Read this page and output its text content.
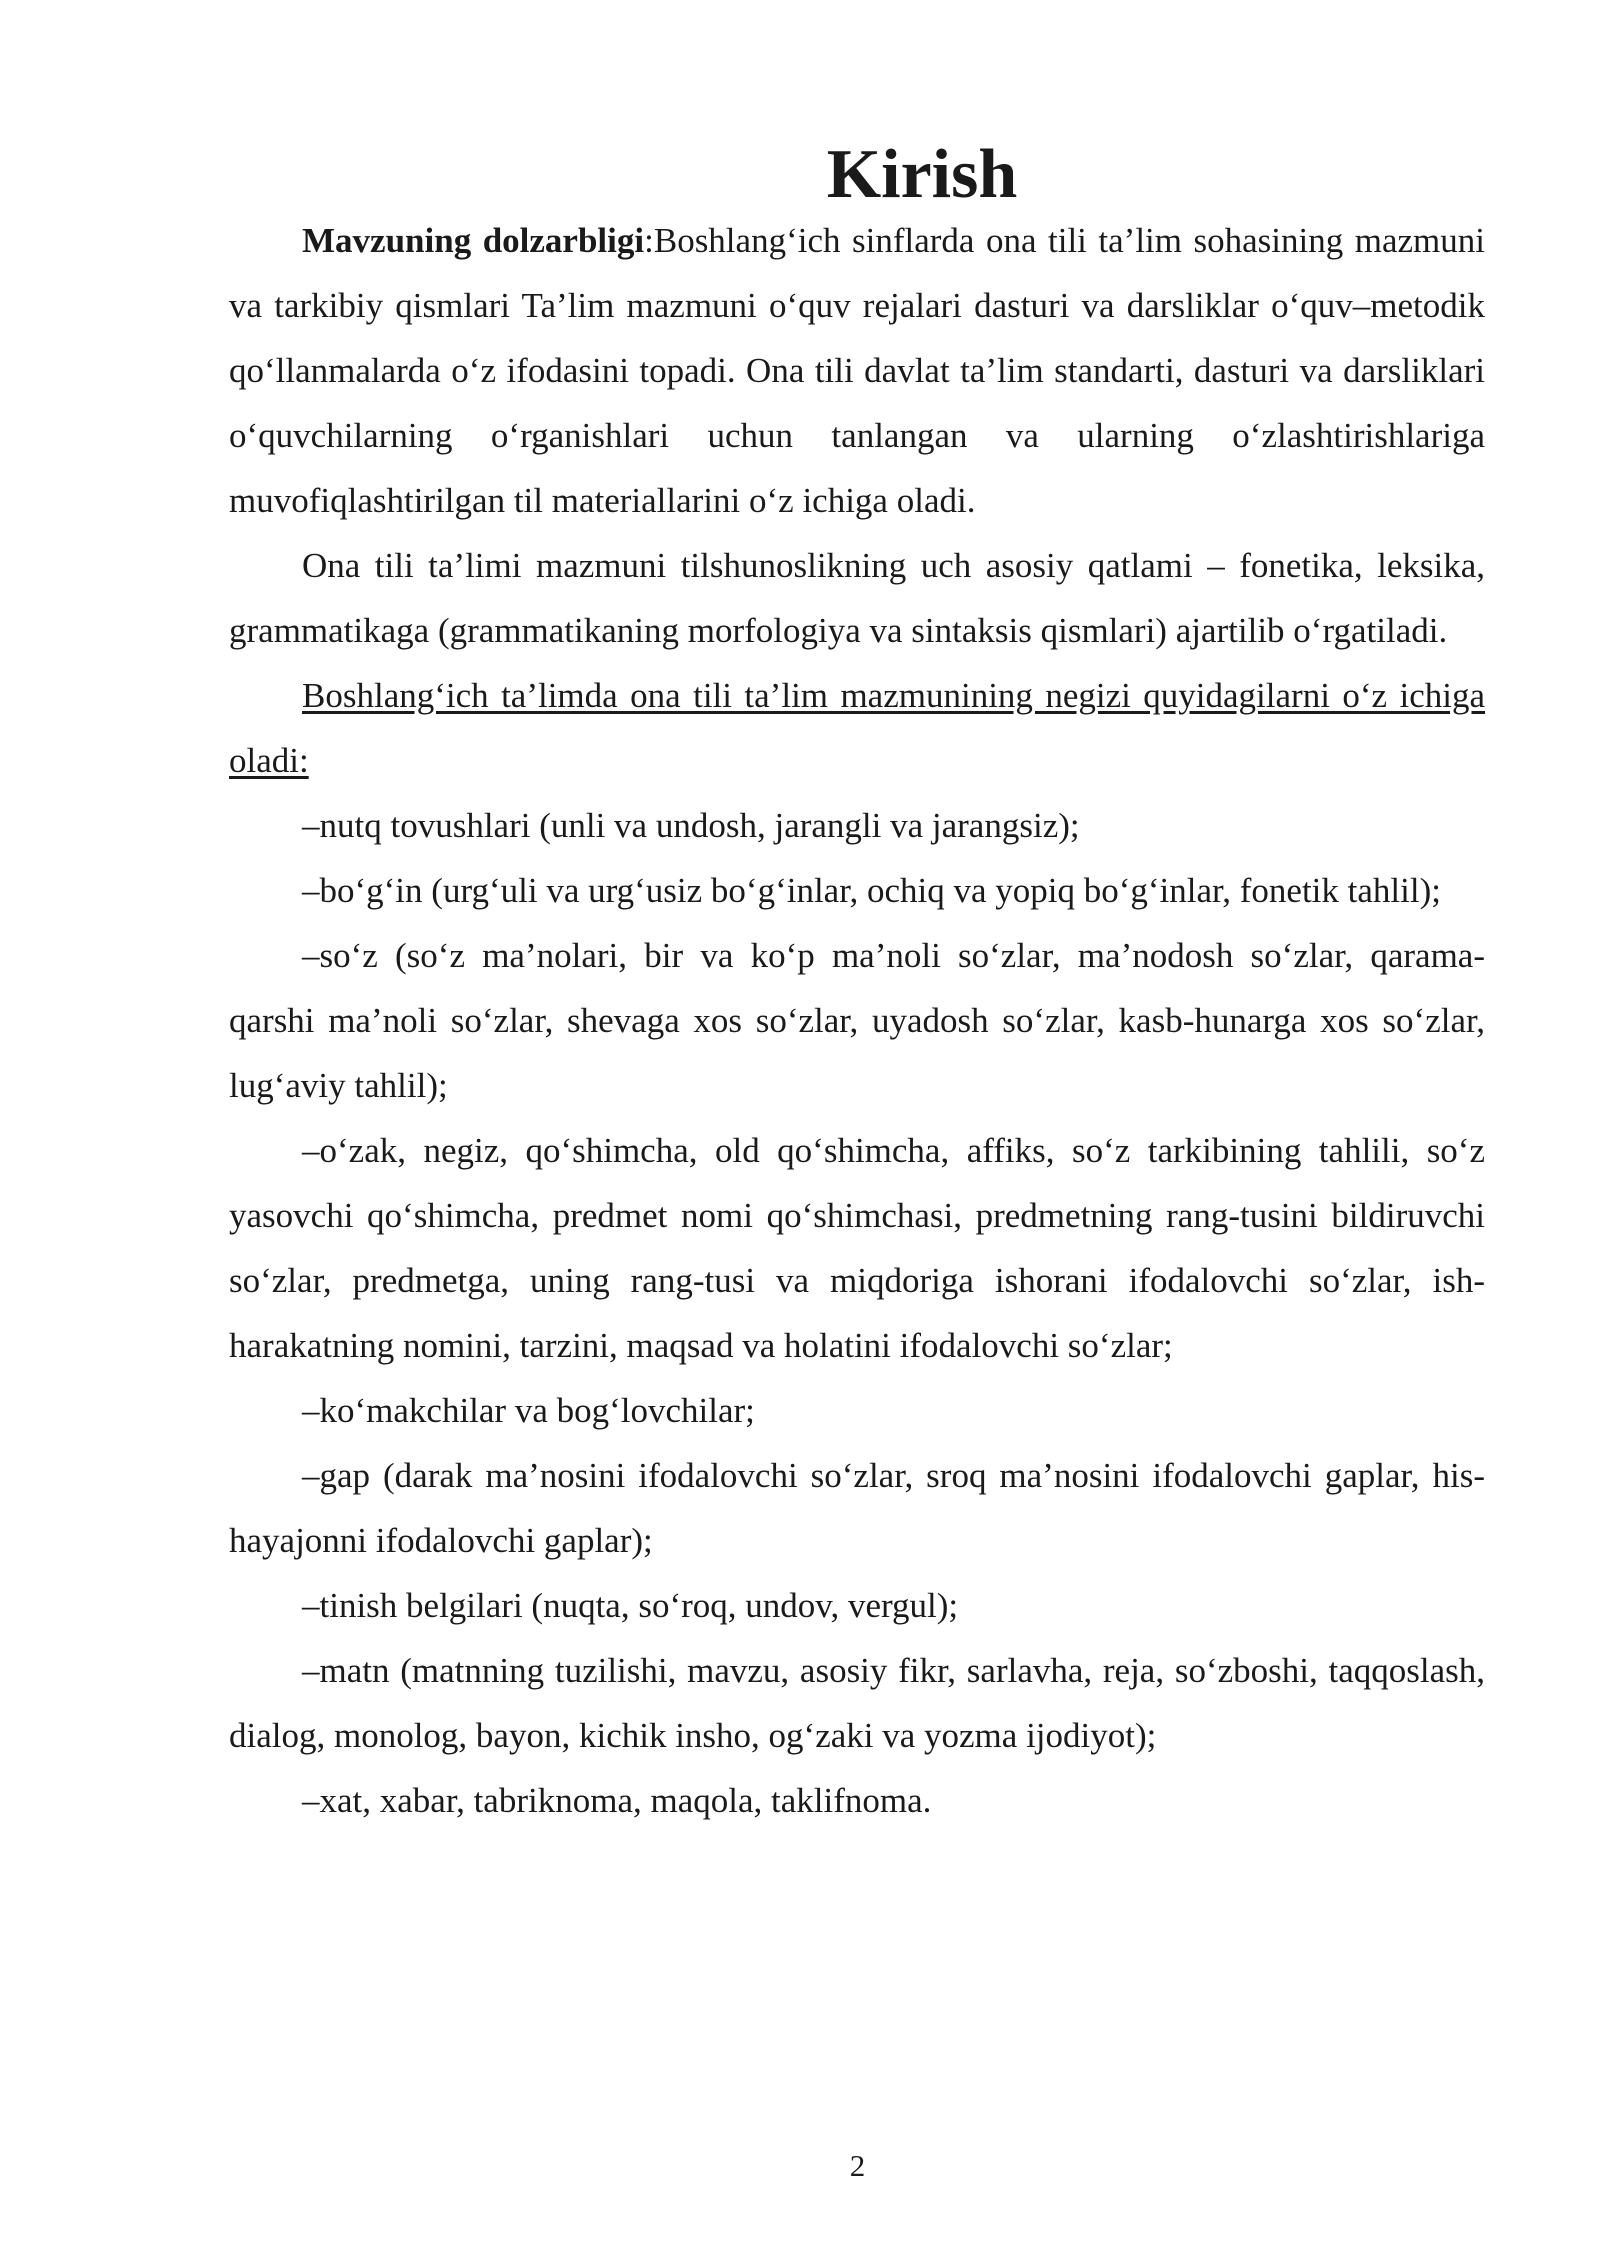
Kirish

Mavzuning dolzarbligi:Boshlang‘ich sinflarda ona tili ta’lim sohasining mazmuni va tarkibiy qismlari Ta’lim mazmuni o‘quv rejalari dasturi va darsliklar o‘quv–metodik qo‘llanmalarda o‘z ifodasini topadi. Ona tili davlat ta’lim standarti, dasturi va darsliklari o‘quvchilarning o‘rganishlari uchun tanlangan va ularning o‘zlashtirishlariga muvofiqlashtirilgan til materiallarini o‘z ichiga oladi.

Ona tili ta’limi mazmuni tilshunoslikning uch asosiy qatlami – fonetika, leksika, grammatikaga (grammatikaning morfologiya va sintaksis qismlari) ajartilib o‘rgatiladi.

Boshlang‘ich ta’limda ona tili ta’lim mazmunining negizi quyidagilarni o‘z ichiga oladi:

–nutq tovushlari (unli va undosh, jarangli va jarangsiz);

–bo‘g‘in (urg‘uli va urg‘usiz bo‘g‘inlar, ochiq va yopiq bo‘g‘inlar, fonetik tahlil);

–so‘z (so‘z ma’nolari, bir va ko‘p ma’noli so‘zlar, ma’nodosh so‘zlar, qarama-qarshi ma’noli so‘zlar, shevaga xos so‘zlar, uyadosh so‘zlar, kasb-hunarga xos so‘zlar, lug‘aviy tahlil);

–o‘zak, negiz, qo‘shimcha, old qo‘shimcha, affiks, so‘z tarkibining tahlili, so‘z yasovchi qo‘shimcha, predmet nomi qo‘shimchasi, predmetning rang-tusini bildiruvchi so‘zlar, predmetga, uning rang-tusi va miqdoriga ishorani ifodalovchi so‘zlar, ish-harakatning nomini, tarzini, maqsad va holatini ifodalovchi so‘zlar;

–ko‘makchilar va bog‘lovchilar;

–gap (darak ma’nosini ifodalovchi so‘zlar, sroq ma’nosini ifodalovchi gaplar, his-hayajonni ifodalovchi gaplar);

–tinish belgilari (nuqta, so‘roq, undov, vergul);

–matn (matnning tuzilishi, mavzu, asosiy fikr, sarlavha, reja, so‘zboshi, taqqoslash, dialog, monolog, bayon, kichik insho, og‘zaki va yozma ijodiyot);

–xat, xabar, tabriknoma, maqola, taklifnoma.

2
